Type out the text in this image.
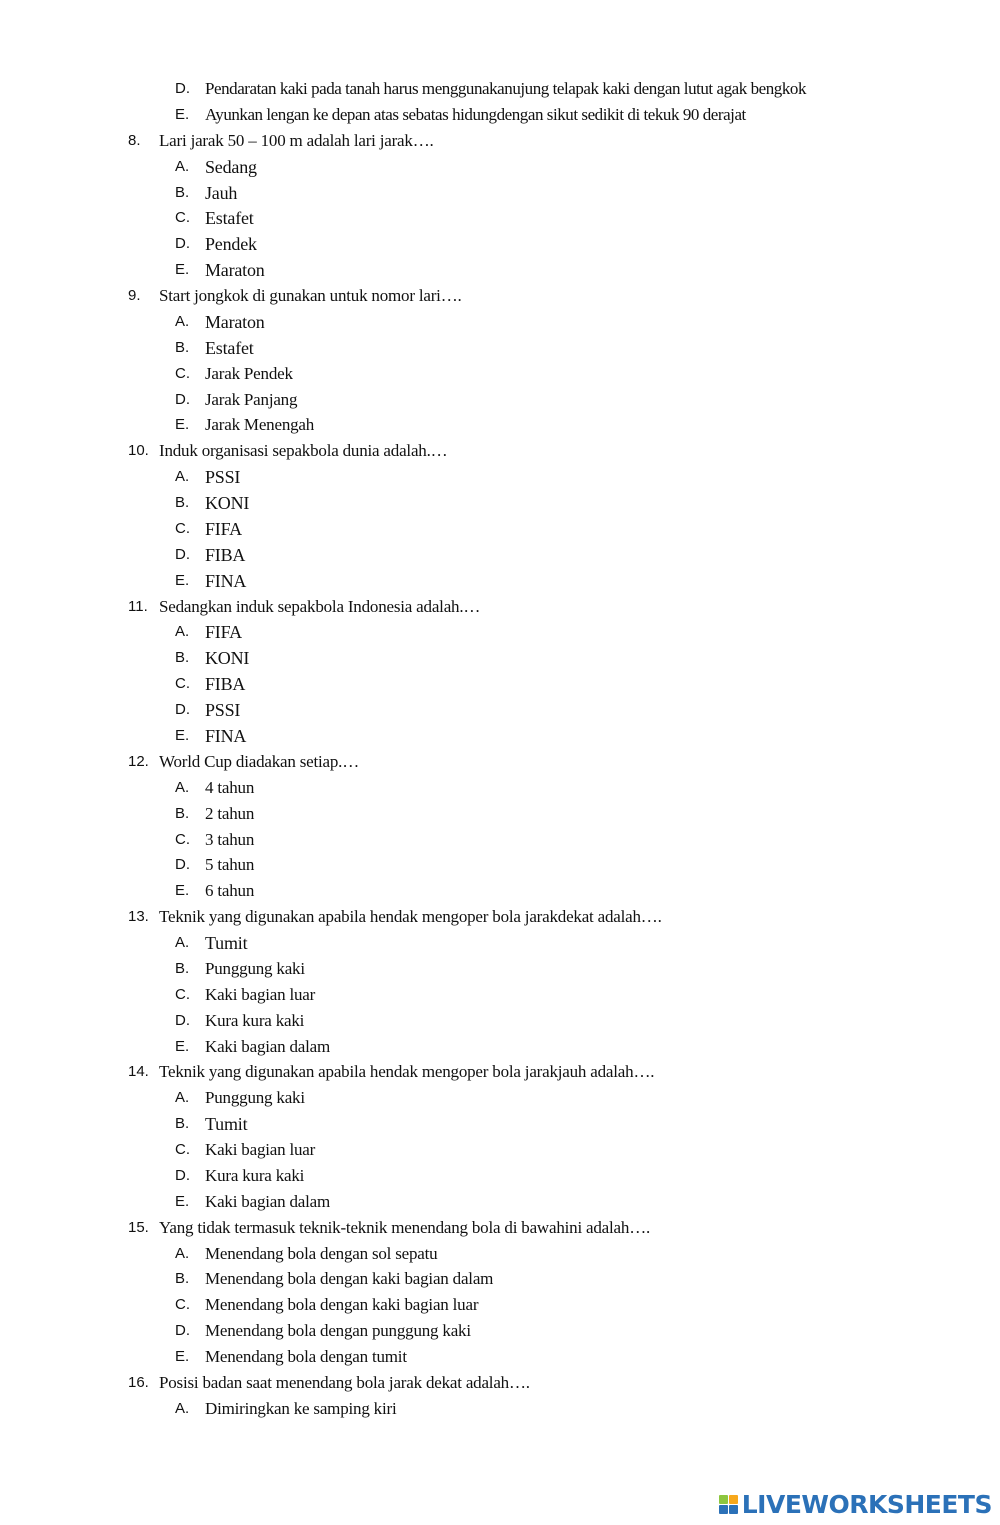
D. Pendaratan kaki pada tanah harus menggunakanujung telapak kaki dengan lutut agak bengkok
E. Ayunkan lengan ke depan atas sebatas hidungdengan sikut sedikit di tekuk 90 derajat
8. Lari jarak 50 – 100 m adalah lari jarak….
A. Sedang
B. Jauh
C. Estafet
D. Pendek
E. Maraton
9. Start jongkok di gunakan untuk nomor lari….
A. Maraton
B. Estafet
C. Jarak Pendek
D. Jarak Panjang
E. Jarak Menengah
10. Induk organisasi sepakbola dunia adalah.…
A. PSSI
B. KONI
C. FIFA
D. FIBA
E. FINA
11. Sedangkan induk sepakbola Indonesia adalah.…
A. FIFA
B. KONI
C. FIBA
D. PSSI
E. FINA
12. World Cup diadakan setiap.…
A. 4 tahun
B. 2 tahun
C. 3 tahun
D. 5 tahun
E. 6 tahun
13. Teknik yang digunakan apabila hendak mengoper bola jarakdekat adalah….
A. Tumit
B. Punggung kaki
C. Kaki bagian luar
D. Kura kura kaki
E. Kaki bagian dalam
14. Teknik yang digunakan apabila hendak mengoper bola jarakjauh adalah….
A. Punggung kaki
B. Tumit
C. Kaki bagian luar
D. Kura kura kaki
E. Kaki bagian dalam
15. Yang tidak termasuk teknik-teknik menendang bola di bawahini adalah….
A. Menendang bola dengan sol sepatu
B. Menendang bola dengan kaki bagian dalam
C. Menendang bola dengan kaki bagian luar
D. Menendang bola dengan punggung kaki
E. Menendang bola dengan tumit
16. Posisi badan saat menendang bola jarak dekat adalah….
A. Dimiringkan ke samping kiri
LIVEWORKSHEETS
